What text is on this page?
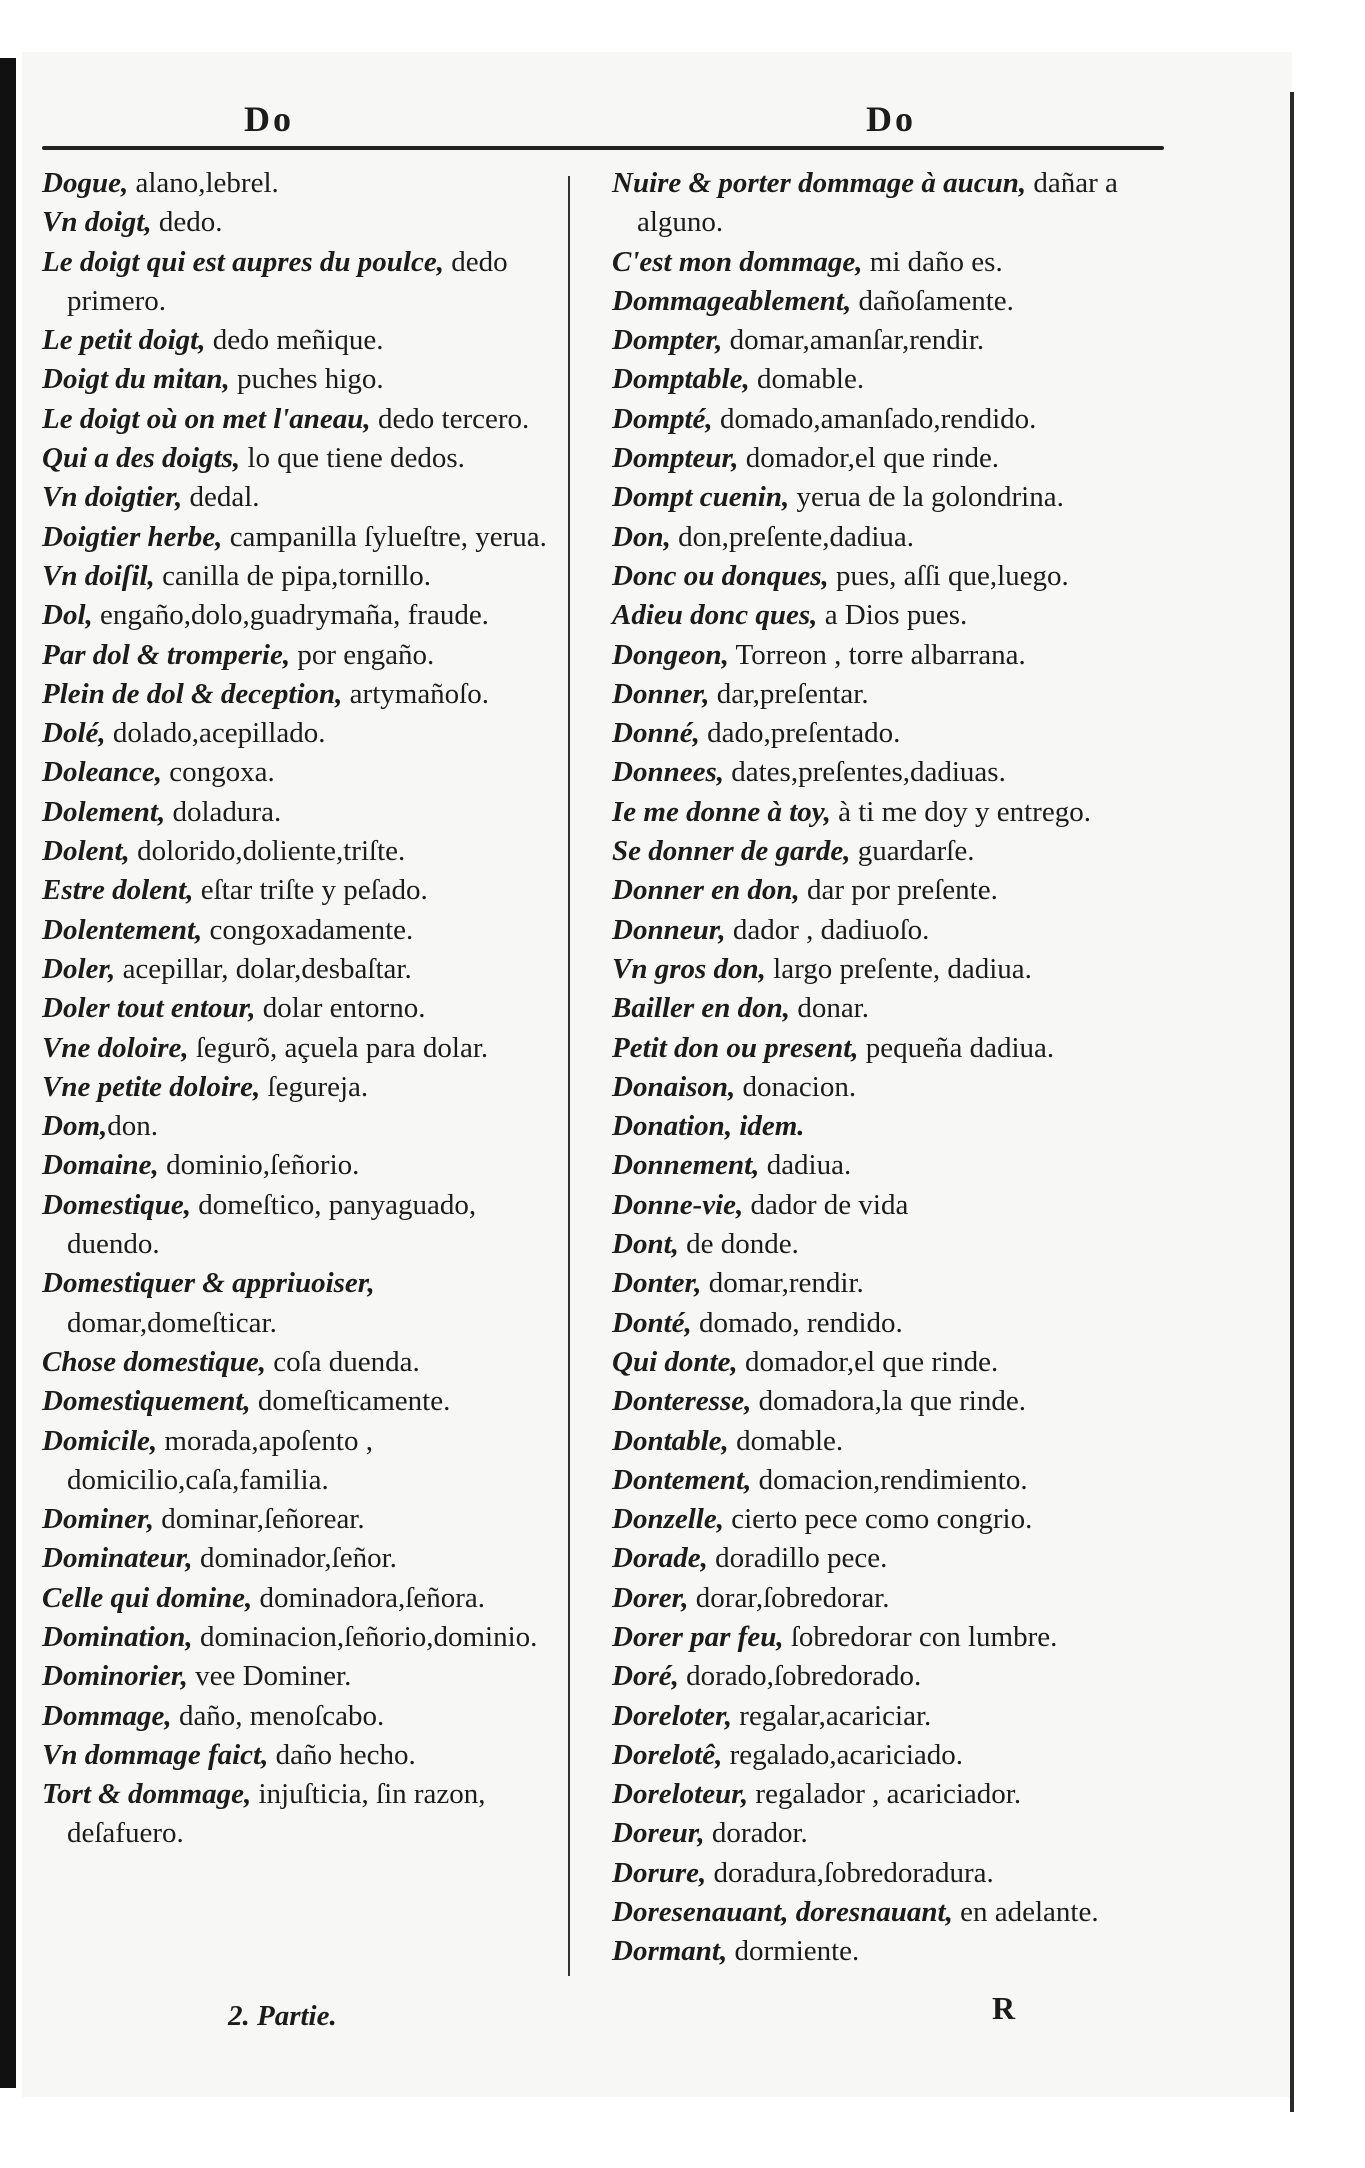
Do	Do
Dogue, alano,lebrel.
Vn doigt, dedo.
Le doigt qui est aupres du poulce, dedo primero.
Le petit doigt, dedo meñique.
Doigt du mitan, puches higo.
Le doigt où on met l'aneau, dedo tercero.
Qui a des doigts, lo que tiene dedos.
Vn doigtier, dedal.
Doigtier herbe, campanilla ſylueſtre, yerua.
Vn doiſil, canilla de pipa,tornillo.
Dol, engaño,dolo,guadrymaña, fraude.
Par dol & tromperie, por engaño.
Plein de dol & deception, artymañoſo.
Dolé, dolado,acepillado.
Doleance, congoxa.
Dolement, doladura.
Dolent, dolorido,doliente,triſte.
Estre dolent, eſtar triſte y peſado.
Dolentement, congoxadamente.
Doler, acepillar, dolar,desbaſtar.
Doler tout entour, dolar entorno.
Vne doloire, ſegurõ, açuela para dolar.
Vne petite doloire, ſegureja.
Dom,don.
Domaine, dominio,ſeñorio.
Domestique, domeſtico, panyaguado, duendo.
Domestiquer & appriuoiser, domar,domeſticar.
Chose domestique, coſa duenda.
Domestiquement, domeſticamente.
Domicile, morada,apoſento , domicilio,caſa,familia.
Dominer, dominar,ſeñorear.
Dominateur, dominador,ſeñor.
Celle qui domine, dominadora,ſeñora.
Domination, dominacion,ſeñorio,dominio.
Dominorier, vee Dominer.
Dommage, daño, menoſcabo.
Vn dommage faict, daño hecho.
Tort & dommage, injuſticia, ſin razon, deſafuero.
Nuire & porter dommage à aucun, dañar a alguno.
C'est mon dommage, mi daño es.
Dommageablement, dañoſamente.
Dompter, domar,amanſar,rendir.
Domptable, domable.
Dompté, domado,amanſado,rendido.
Dompteur, domador,el que rinde.
Dompt cuenin, yerua de la golondrina.
Don, don,preſente,dadiua.
Donc ou donques, pues, aſſi que,luego.
Adieu donc ques, a Dios pues.
Dongeon, Torreon , torre albarrana.
Donner, dar,preſentar.
Donné, dado,preſentado.
Donnees, dates,preſentes,dadiuas.
Ie me donne à toy, à ti me doy y entrego.
Se donner de garde, guardarſe.
Donner en don, dar por preſente.
Donneur, dador , dadiuoſo.
Vn gros don, largo preſente, dadiua.
Bailler en don, donar.
Petit don ou present, pequeña dadiua.
Donaison, donacion.
Donation, idem.
Donnement, dadiua.
Donne-vie, dador de vida
Dont, de donde.
Donter, domar,rendir.
Donté, domado, rendido.
Qui donte, domador,el que rinde.
Donteresse, domadora,la que rinde.
Dontable, domable.
Dontement, domacion,rendimiento.
Donzelle, cierto pece como congrio.
Dorade, doradillo pece.
Dorer, dorar,ſobredorar.
Dorer par feu, ſobredorar con lumbre.
Doré, dorado,ſobredorado.
Doreloter, regalar,acariciar.
Dorelotê, regalado,acariciado.
Doreloteur, regalador , acariciador.
Doreur, dorador.
Dorure, doradura,ſobredoradura.
Doresenauant, doresnauant, en adelante.
Dormant, dormiente.
2. Partie.	R
